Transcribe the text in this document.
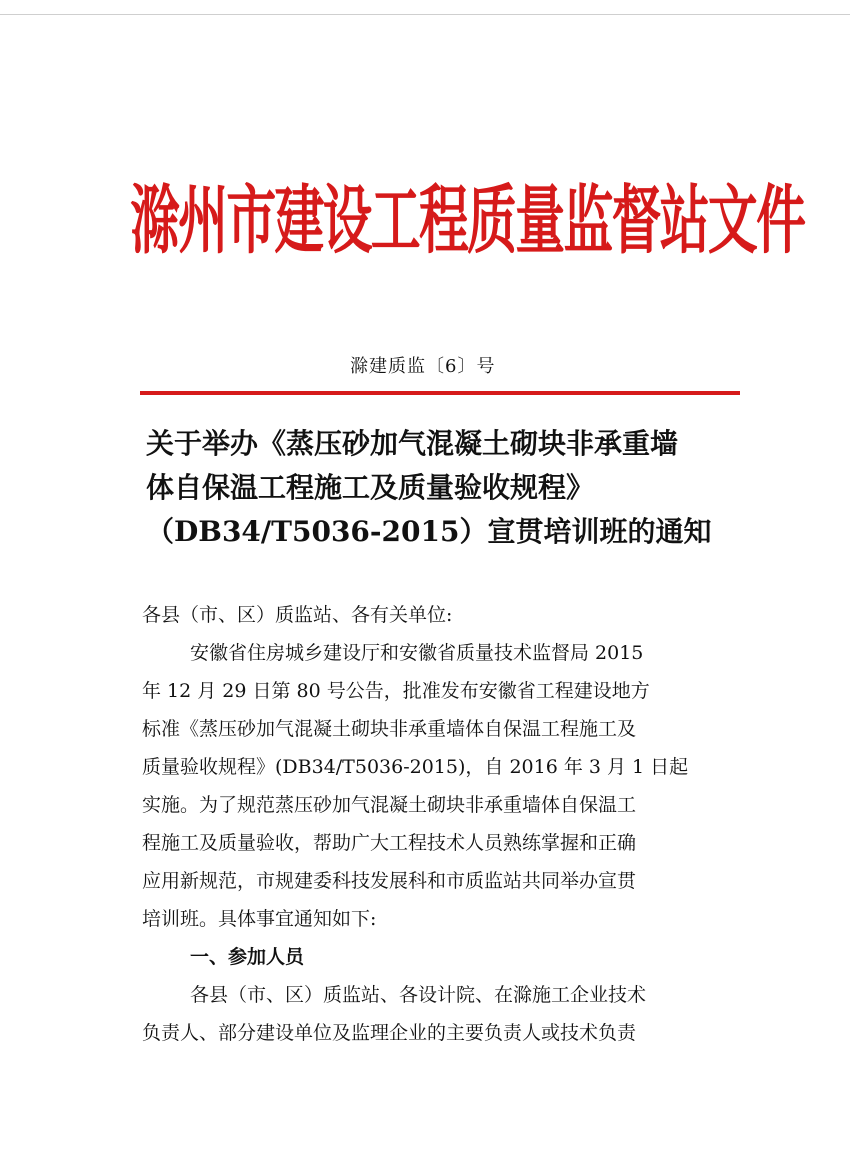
滁州市建设工程质量监督站文件
滁建质监〔6〕号
关于举办《蒸压砂加气混凝土砌块非承重墙
体自保温工程施工及质量验收规程》
（DB34/T5036-2015）宣贯培训班的通知
各县（市、区）质监站、各有关单位:
安徽省住房城乡建设厅和安徽省质量技术监督局 2015
年 12 月 29 日第 80 号公告，批准发布安徽省工程建设地方
标准《蒸压砂加气混凝土砌块非承重墙体自保温工程施工及
质量验收规程》(DB34/T5036-2015)，自 2016 年 3 月 1 日起
实施。为了规范蒸压砂加气混凝土砌块非承重墙体自保温工
程施工及质量验收，帮助广大工程技术人员熟练掌握和正确
应用新规范，市规建委科技发展科和市质监站共同举办宣贯
培训班。具体事宜通知如下:
一、参加人员
各县（市、区）质监站、各设计院、在滁施工企业技术
负责人、部分建设单位及监理企业的主要负责人或技术负责
